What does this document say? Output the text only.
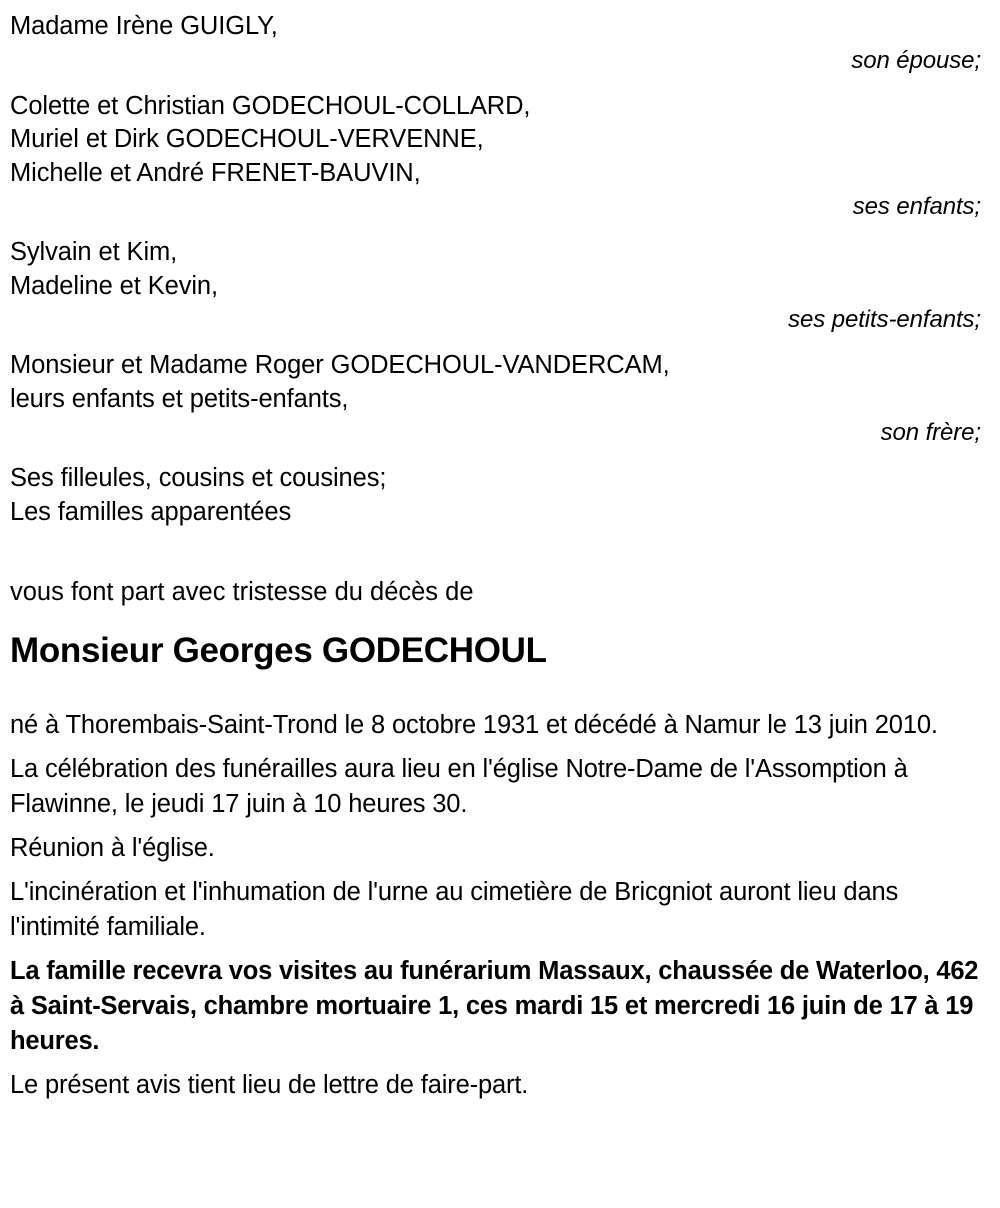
Madame Irène GUIGLY,
son épouse;
Colette et Christian GODECHOUL-COLLARD,
Muriel et Dirk GODECHOUL-VERVENNE,
Michelle et André FRENET-BAUVIN,
ses enfants;
Sylvain et Kim,
Madeline et Kevin,
ses petits-enfants;
Monsieur et Madame Roger GODECHOUL-VANDERCAM,
leurs enfants et petits-enfants,
son frère;
Ses filleules, cousins et cousines;
Les familles apparentées
vous font part avec tristesse du décès de
Monsieur Georges GODECHOUL
né à Thorembais-Saint-Trond le 8 octobre 1931 et décédé à Namur le 13 juin 2010.
La célébration des funérailles aura lieu en l'église Notre-Dame de l'Assomption à Flawinne, le jeudi 17 juin à 10 heures 30.
Réunion à l'église.
L'incinération et l'inhumation de l'urne au cimetière de Bricgniot auront lieu dans l'intimité familiale.
La famille recevra vos visites au funérarium Massaux, chaussée de Waterloo, 462 à Saint-Servais, chambre mortuaire 1, ces mardi 15 et mercredi 16 juin de 17 à 19 heures.
Le présent avis tient lieu de lettre de faire-part.
